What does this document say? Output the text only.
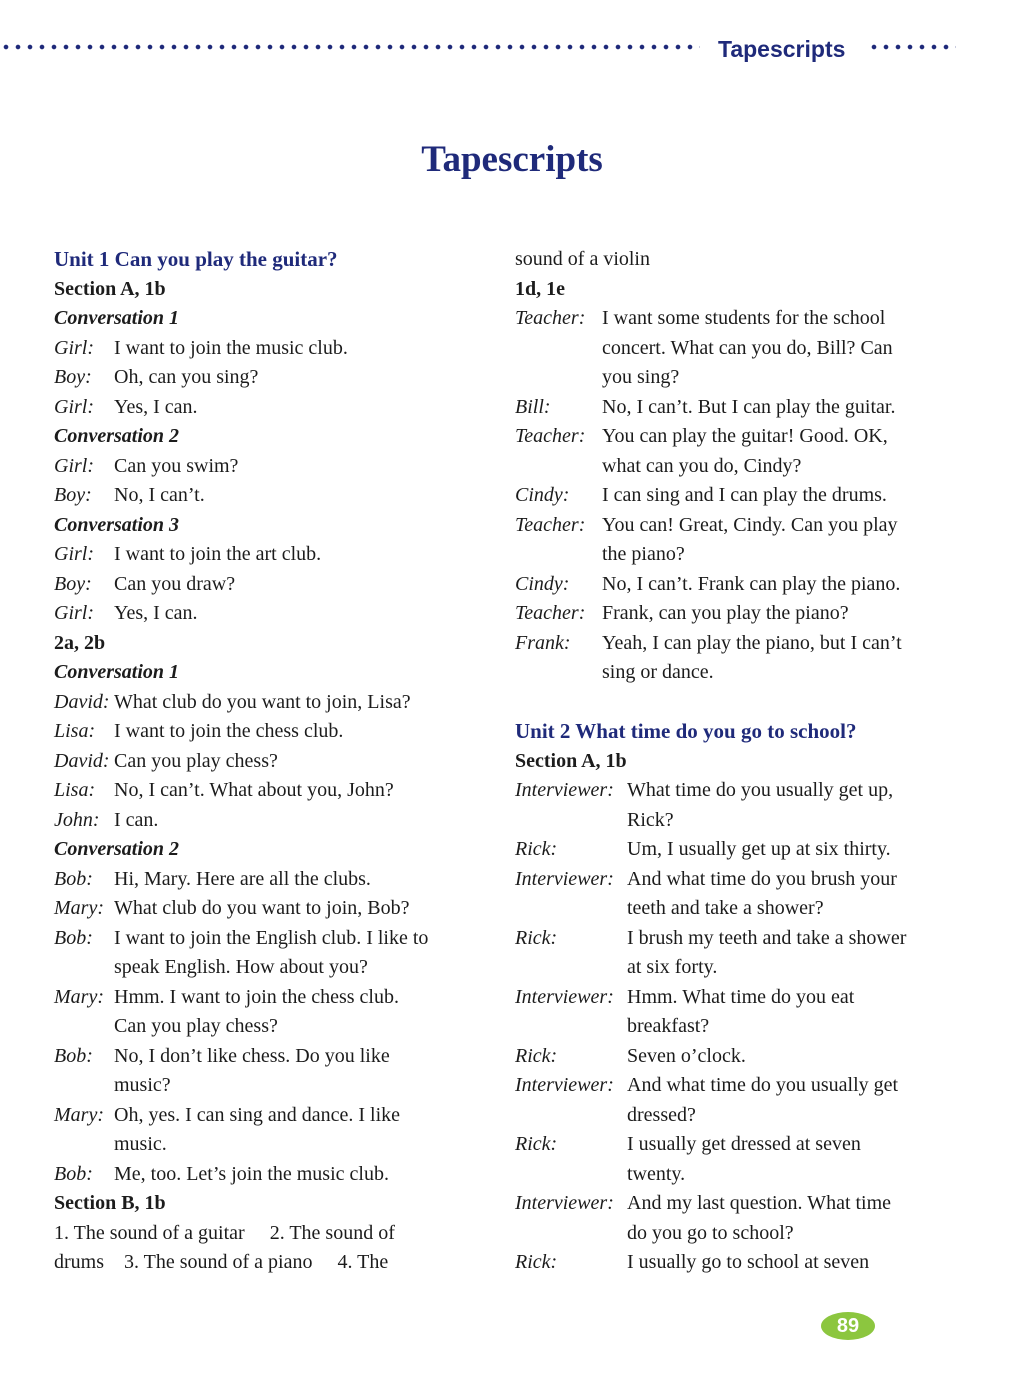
Tapescripts
Tapescripts
Unit 1 Can you play the guitar?
Section A, 1b
Conversation 1
Girl:	I want to join the music club.
Boy:	Oh, can you sing?
Girl:	Yes, I can.
Conversation 2
Girl:	Can you swim?
Boy:	No, I can’t.
Conversation 3
Girl:	I want to join the art club.
Boy:	Can you draw?
Girl:	Yes, I can.
2a, 2b
Conversation 1
David: What club do you want to join, Lisa?
Lisa: I want to join the chess club.
David: Can you play chess?
Lisa: No, I can’t. What about you, John?
John: I can.
Conversation 2
Bob:	Hi, Mary. Here are all the clubs.
Mary: What club do you want to join, Bob?
Bob:	I want to join the English club. I like to
speak English. How about you?
Mary: Hmm. I want to join the chess club.
Can you play chess?
Bob:	No, I don’t like chess. Do you like
music?
Mary: Oh, yes. I can sing and dance. I like
music.
Bob:	Me, too. Let’s join the music club.
Section B, 1b
1. The sound of a guitar     2. The sound of
drums    3. The sound of a piano     4. The
sound of a violin
1d, 1e
Teacher: I want some students for the school
concert. What can you do, Bill? Can
you sing?
Bill:	No, I can’t. But I can play the guitar.
Teacher: You can play the guitar! Good. OK,
what can you do, Cindy?
Cindy:	I can sing and I can play the drums.
Teacher: You can! Great, Cindy. Can you play
the piano?
Cindy:	No, I can’t. Frank can play the piano.
Teacher: Frank, can you play the piano?
Frank:	Yeah, I can play the piano, but I can’t
sing or dance.
Unit 2 What time do you go to school?
Section A, 1b
Interviewer: What time do you usually get up,
Rick?
Rick:	Um, I usually get up at six thirty.
Interviewer: And what time do you brush your
teeth and take a shower?
Rick:	I brush my teeth and take a shower
at six forty.
Interviewer: Hmm. What time do you eat
breakfast?
Rick:	Seven o’clock.
Interviewer: And what time do you usually get
dressed?
Rick:	I usually get dressed at seven
twenty.
Interviewer: And my last question. What time
do you go to school?
Rick:	I usually go to school at seven
89
